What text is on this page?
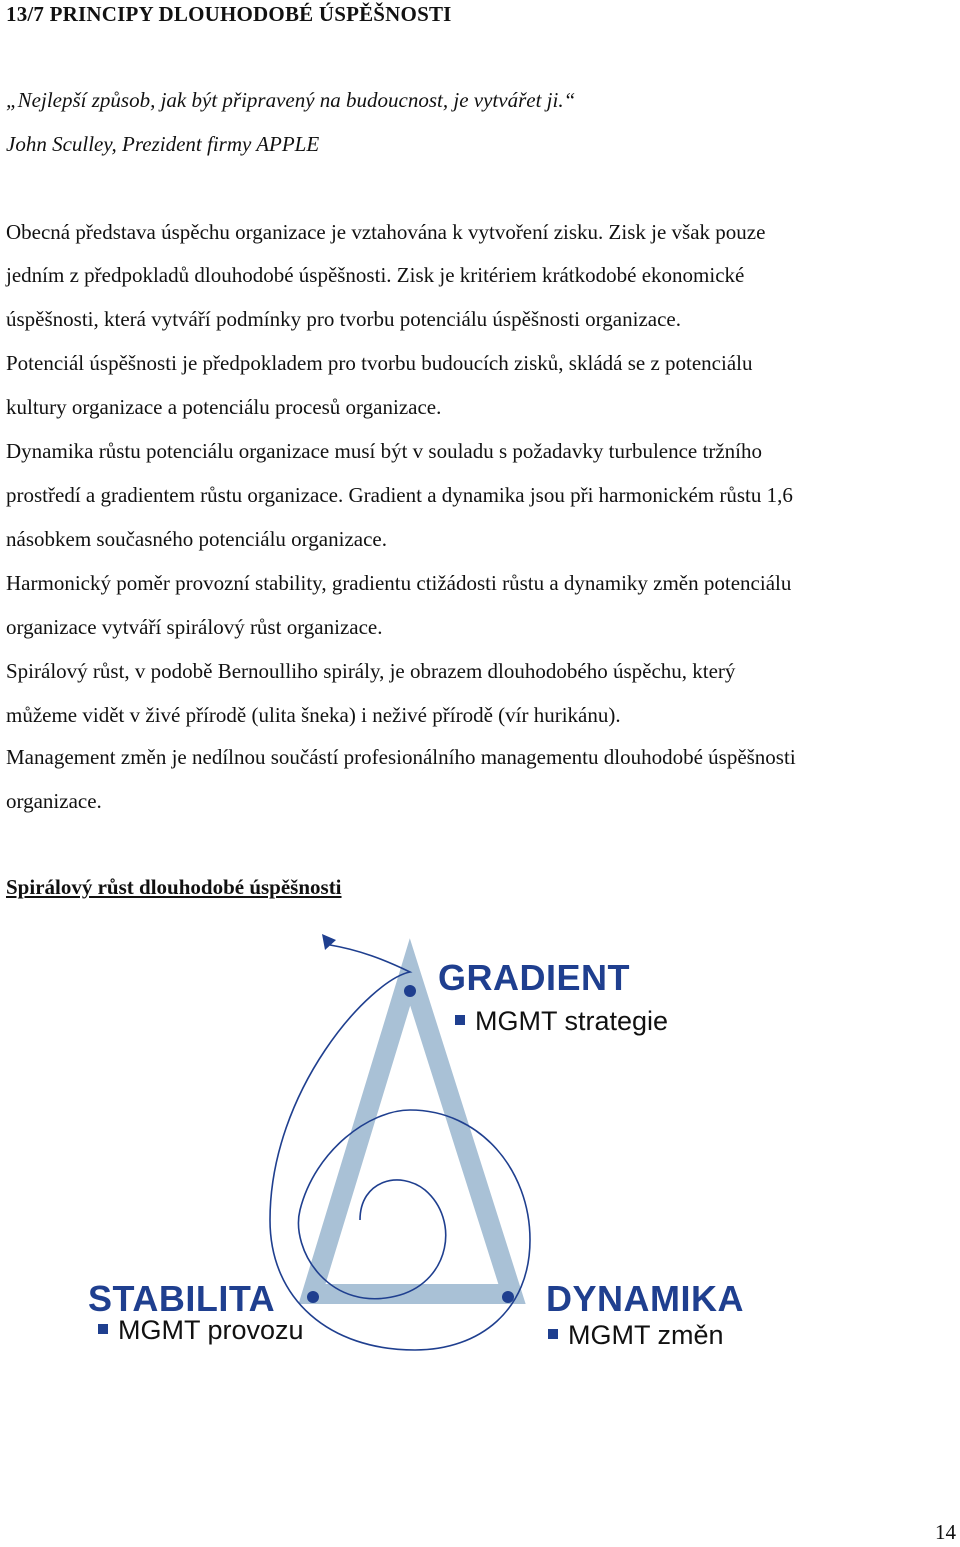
13/7 PRINCIPY DLOUHODOBÉ ÚSPĚŠNOSTI
„Nejlepší způsob, jak být připravený na budoucnost, je vytvářet ji.“
John Sculley, Prezident firmy APPLE
Obecná představa úspěchu organizace je vztahována k vytvoření zisku. Zisk je však pouze
jedním z předpokladů dlouhodobé úspěšnosti. Zisk je kritériem krátkodobé ekonomické
úspěšnosti, která vytváří podmínky pro tvorbu potenciálu úspěšnosti organizace.
Potenciál úspěšnosti je předpokladem pro tvorbu budoucích zisků, skládá se z potenciálu
kultury organizace a potenciálu procesů organizace.
Dynamika růstu potenciálu organizace musí být v souladu s požadavky turbulence tržního
prostředí a gradientem růstu organizace. Gradient a dynamika jsou při harmonickém růstu 1,6
násobkem současného potenciálu organizace.
Harmonický poměr provozní stability, gradientu ctižádosti růstu a dynamiky změn potenciálu
organizace vytváří spirálový růst organizace.
Spirálový růst, v podobě Bernoulliho spirály, je obrazem dlouhodobého úspěchu, který
můžeme vidět v živé přírodě (ulita šneka) i neživé přírodě (vír hurikánu).
Management změn je nedílnou součástí profesionálního managementu dlouhodobé úspěšnosti
organizace.
Spirálový růst dlouhodobé úspěšnosti
GRADIENT
MGMT strategie
STABILITA
MGMT provozu
DYNAMIKA
MGMT změn
14
